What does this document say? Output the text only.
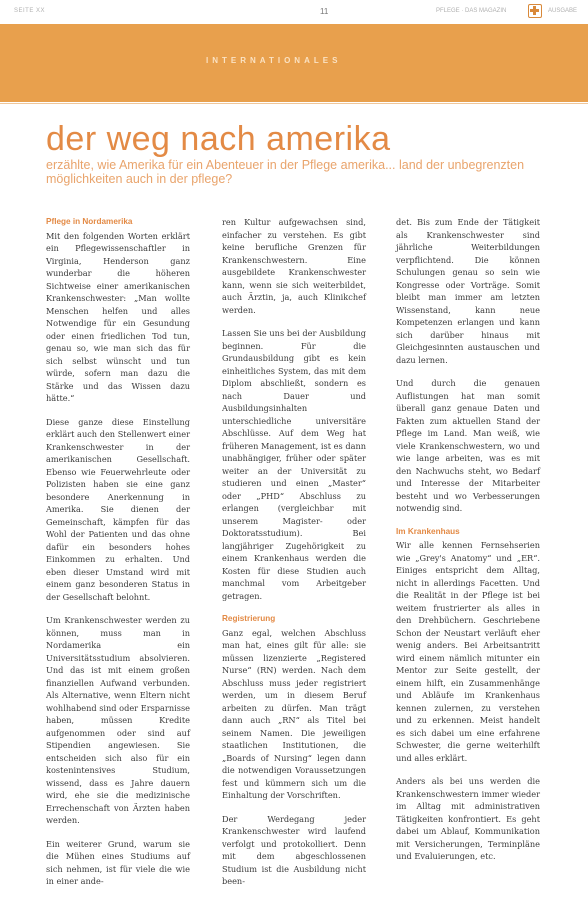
SEITE XX	11	PFLEGE · DAS MAGAZIN	AUSGABE
INTERNATIONALES
der weg nach amerika
erzählte, wie Amerika für ein Abenteuer in der Pflege amerika... land der unbegrenzten möglichkeiten auch in der pflege?
Pflege in Nordamerika

Mit den folgenden Worten erklärt ein Pflegewissenschaftler in Virginia, Henderson ganz wunderbar die höheren Sichtweise einer amerikanischen Krankenschwester: „Man wollte Menschen helfen und alles Notwendige für ein Gesundung oder einen friedlichen Tod tun, genau so, wie man sich das für sich selbst wünscht und tun würde, sofern man dazu die Stärke und das Wissen dazu hätte.“

Diese ganze diese Einstellung erklärt auch den Stellenwert einer Krankenschwester in der amerikanischen Gesellschaft. Ebenso wie Feuerwehrleute oder Polizisten haben sie eine ganz besondere Anerkennung in Amerika. Sie dienen der Gemeinschaft, kämpfen für das Wohl der Patienten und das ohne dafür ein besonders hohes Einkommen zu erhalten. Und eben dieser Umstand wird mit einem ganz besonderen Status in der Gesellschaft belohnt.

Um Krankenschwester werden zu können, muss man in Nordamerika ein Universitätsstudium absolvieren. Und das ist mit einem großen finanziellen Aufwand verbunden. Als Alternative, wenn Eltern nicht wohlhabend sind oder Ersparnisse haben, müssen Kredite aufgenommen oder sind auf Stipendien angewiesen. Sie entscheiden sich also für ein kostenintensives Studium, wissend, dass es Jahre dauern wird, ehe sie die medizinische Errechenschaft von Ärzten haben werden.

Ein weiterer Grund, warum sie die Mühen eines Studiums auf sich nehmen, ist für viele die wie in einer ande-

ren Kultur aufgewachsen sind, einfacher zu verstehen. Es gibt keine berufliche Grenzen für Krankenschwestern. Eine ausgebildete Krankenschwester kann, wenn sie sich weiterbildet, auch Ärztin, ja, auch Klinikchef werden.

Lassen Sie uns bei der Ausbildung beginnen. Für die Grundausbildung gibt es kein einheitliches System, das mit dem Diplom abschließt, sondern es nach Dauer und Ausbildungsinhalten unterschiedliche universitäre Abschlüsse. Auf dem Weg hat früheren Management, ist es dann unabhängiger, früher oder später weiter an der Universität zu studieren und einen „Master“ oder „PHD“ Abschluss zu erlangen (vergleichbar mit unserem Magister- oder Doktoratsstudium). Bei langjähriger Zugehörigkeit zu einem Krankenhaus werden die Kosten für diese Studien auch manchmal vom Arbeitgeber getragen.

Registrierung

Ganz egal, welchen Abschluss man hat, eines gilt für alle: sie müssen lizenzierte „Registered Nurse“ (RN) werden. Nach dem Abschluss muss jeder registriert werden, um in diesem Beruf arbeiten zu dürfen. Man trägt dann auch „RN“ als Titel bei seinem Namen. Die jeweiligen staatlichen Institutionen, die „Boards of Nursing“ legen dann die notwendigen Voraussetzungen fest und kümmern sich um die Einhaltung der Vorschriften.

Der Werdegang jeder Krankenschwester wird laufend verfolgt und protokolliert. Denn mit dem abgeschlossenen Studium ist die Ausbildung nicht been-

det. Bis zum Ende der Tätigkeit als Krankenschwester sind jährliche Weiterbildungen verpflichtend. Die können Schulungen genau so sein wie Kongresse oder Vorträge. Somit bleibt man immer am letzten Wissenstand, kann neue Kompetenzen erlangen und kann sich darüber hinaus mit Gleichgesinnten austauschen und dazu lernen.

Und durch die genauen Auflistungen hat man somit überall ganz genaue Daten und Fakten zum aktuellen Stand der Pflege im Land. Man weiß, wie viele Krankenschwestern, wo und wie lange arbeiten, was es mit den Nachwuchs steht, wo Bedarf und Interesse der Mitarbeiter besteht und wo Verbesserungen notwendig sind.

Im Krankenhaus

Wir alle kennen Fernsehserien wie „Grey's Anatomy“ und „ER“. Einiges entspricht dem Alltag, nicht in allerdings Facetten. Und die Realität in der Pflege ist bei weitem frustrierter als alles in den Drehbüchern. Geschriebene Schon der Neustart verläuft eher wenig anders. Bei Arbeitsantritt wird einem nämlich mitunter ein Mentor zur Seite gestellt, der einem hilft, ein Zusammenhänge und Abläufe im Krankenhaus kennen zulernen, zu verstehen und zu erkennen. Meist handelt es sich dabei um eine erfahrene Schwester, die gerne weiterhilft und alles erklärt.

Anders als bei uns werden die Krankenschwestern immer wieder im Alltag mit administrativen Tätigkeiten konfrontiert. Es geht dabei um Ablauf, Kommunikation mit Versicherungen, Terminpläne und Evaluierungen, etc.
